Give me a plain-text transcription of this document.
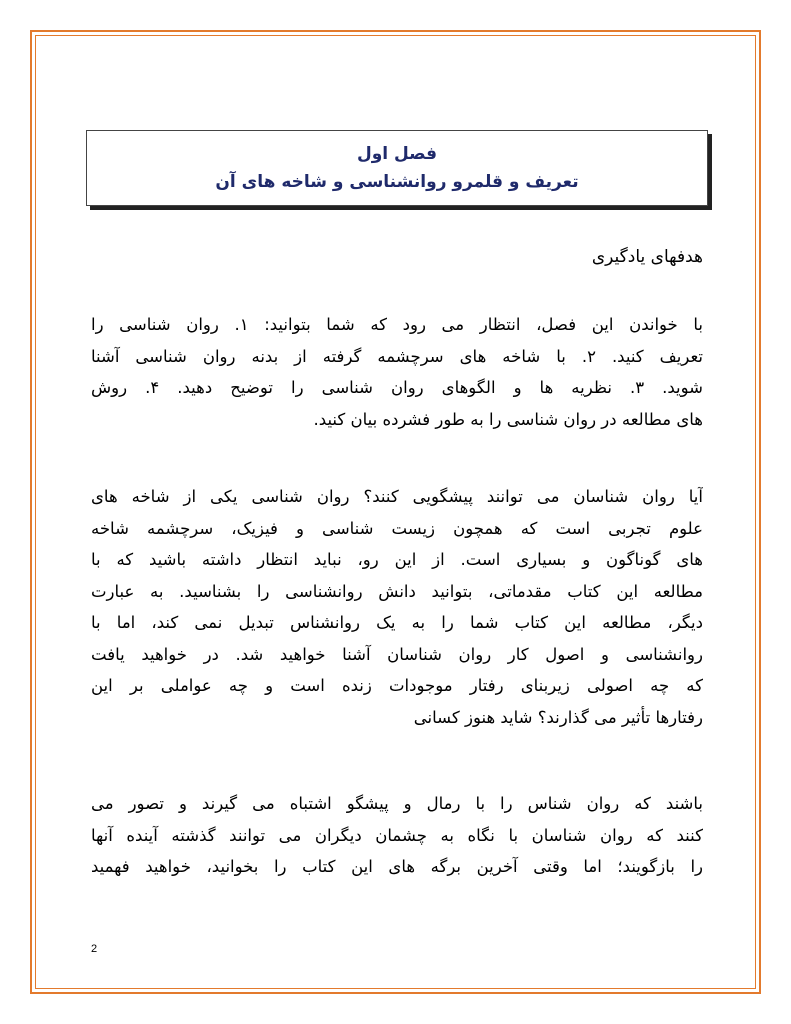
فصل اول
تعریف و قلمرو روانشناسی و شاخه های آن
هدفهای یادگیری
با خواندن این فصل، انتظار می رود که شما بتوانید: ۱. روان شناسی را
تعریف کنید. ۲. با شاخه های سرچشمه گرفته از بدنه روان شناسی آشنا
شوید. ۳. نظریه ها و الگوهای روان شناسی را توضیح دهید. ۴. روش
های مطالعه در روان شناسی را به طور فشرده بیان کنید.
آیا روان شناسان می توانند پیشگویی کنند؟ روان شناسی یکی از شاخه های
علوم تجربی است که همچون زیست شناسی و فیزیک، سرچشمه شاخه
های گوناگون و بسیاری است. از این رو، نباید انتظار داشته باشید که با
مطالعه این کتاب مقدماتی، بتوانید دانش روانشناسی را بشناسید. به عبارت
دیگر، مطالعه این کتاب شما را به یک روانشناس تبدیل نمی کند، اما با
روانشناسی و اصول کار روان شناسان آشنا خواهید شد. در خواهید یافت
که چه اصولی زیربنای رفتار موجودات زنده است و چه عواملی بر این
رفتارها تأثیر می گذارند؟ شاید هنوز کسانی
باشند که روان شناس را با رمال و پیشگو اشتباه می گیرند و تصور می
کنند که روان شناسان با نگاه به چشمان دیگران می توانند گذشته آینده آنها
را بازگویند؛ اما وقتی آخرین برگه های این کتاب را بخوانید، خواهید فهمید
2
